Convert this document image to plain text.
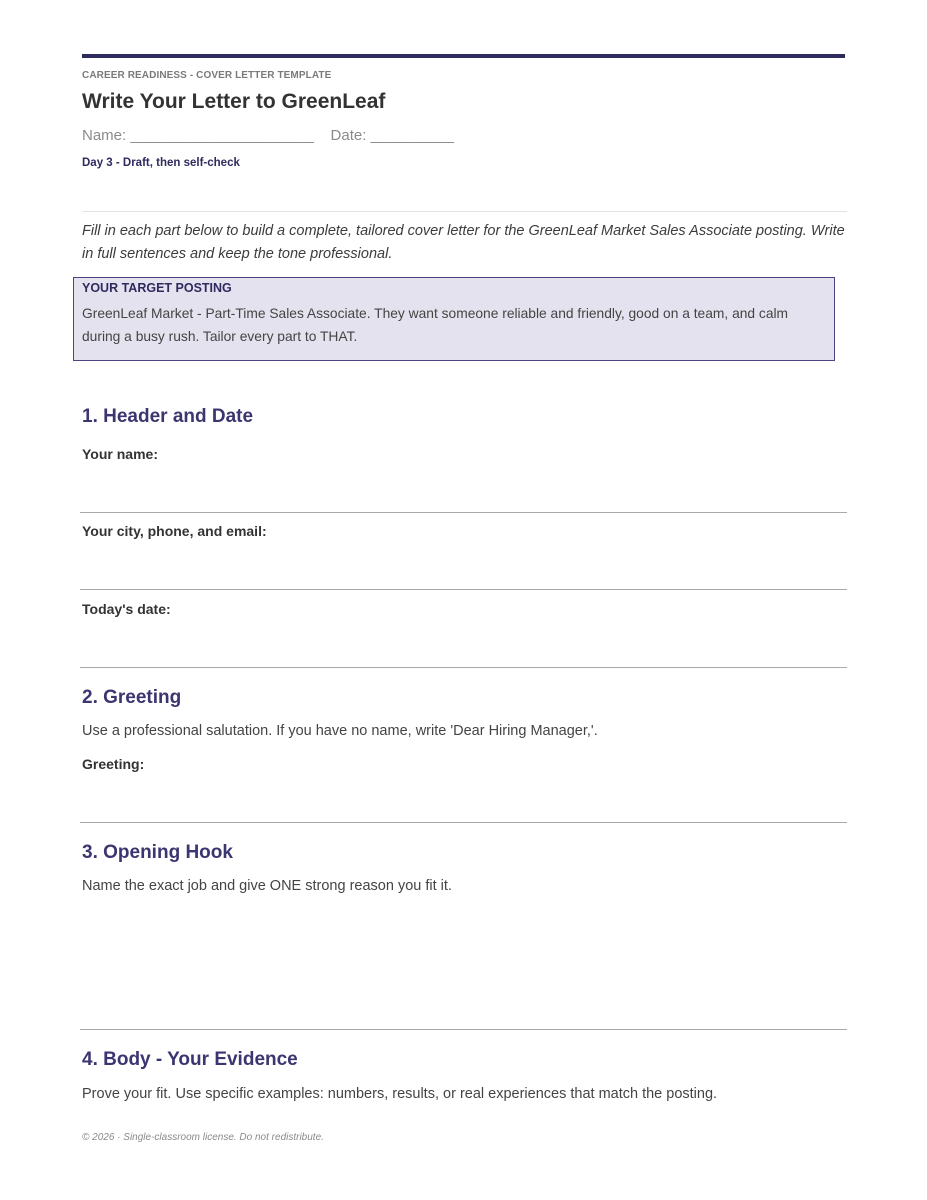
CAREER READINESS - COVER LETTER TEMPLATE
Write Your Letter to GreenLeaf
Name: ______________________    Date: __________
Day 3 - Draft, then self-check
Fill in each part below to build a complete, tailored cover letter for the GreenLeaf Market Sales Associate posting. Write in full sentences and keep the tone professional.
YOUR TARGET POSTING
GreenLeaf Market - Part-Time Sales Associate. They want someone reliable and friendly, good on a team, and calm during a busy rush. Tailor every part to THAT.
1. Header and Date
Your name:
Your city, phone, and email:
Today's date:
2. Greeting
Use a professional salutation. If you have no name, write 'Dear Hiring Manager,'.
Greeting:
3. Opening Hook
Name the exact job and give ONE strong reason you fit it.
4. Body - Your Evidence
Prove your fit. Use specific examples: numbers, results, or real experiences that match the posting.
© 2026 · Single-classroom license. Do not redistribute.
